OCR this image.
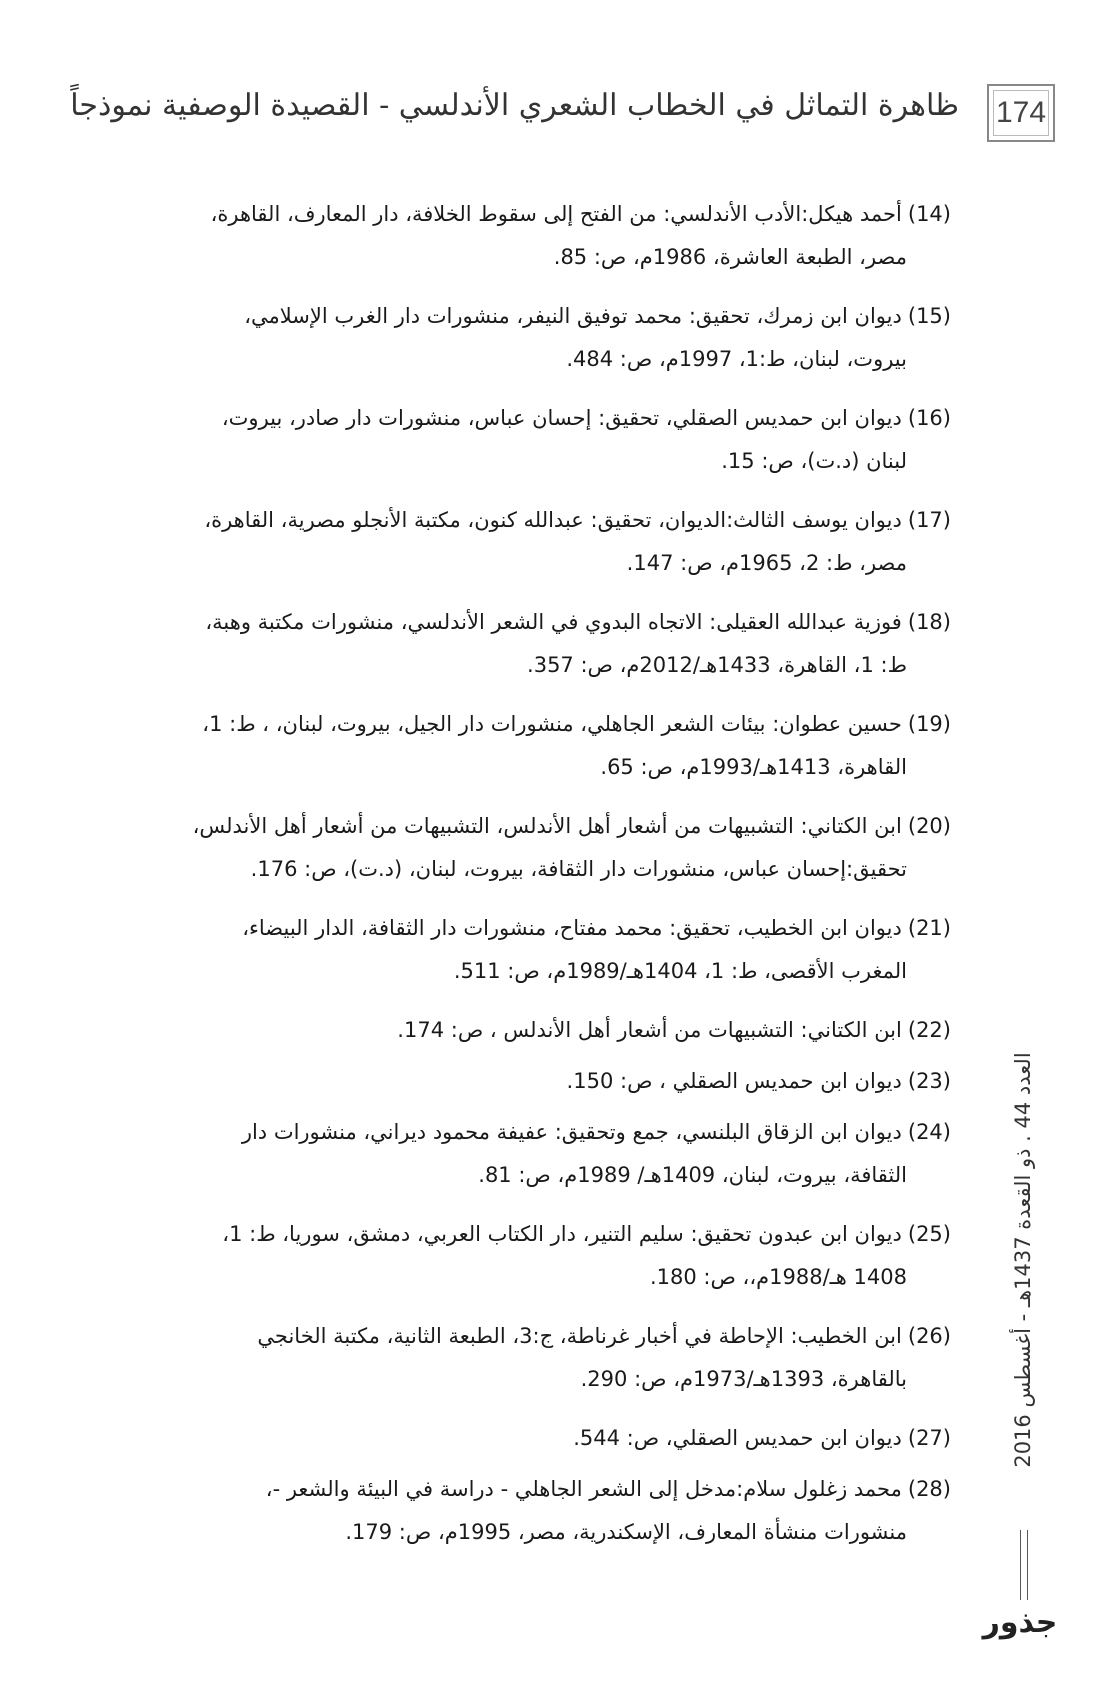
174
ظاهرة التماثل في الخطاب الشعري الأندلسي - القصيدة الوصفية نموذجاً

(14)أحمد هيكل:الأدب الأندلسي: من الفتح إلى سقوط الخلافة، دار المعارف، القاهرة،
مصر، الطبعة العاشرة، 1986م، ص: 85.

(15)ديوان ابن زمرك، تحقيق: محمد توفيق النيفر، منشورات دار الغرب الإسلامي،
بيروت، لبنان، ط:1، 1997م، ص: 484.

(16)ديوان ابن حمديس الصقلي، تحقيق: إحسان عباس، منشورات دار صادر، بيروت،
لبنان (د.ت)، ص: 15.

(17)ديوان يوسف الثالث:الديوان، تحقيق: عبدالله كنون، مكتبة الأنجلو مصرية، القاهرة،
مصر، ط: 2، 1965م، ص: 147.

(18)فوزية عبدالله العقيلى: الاتجاه البدوي في الشعر الأندلسي، منشورات مكتبة وهبة،
ط: 1، القاهرة، 1433هـ/2012م، ص: 357.

(19)حسين عطوان: بيئات الشعر الجاهلي، منشورات دار الجيل، بيروت، لبنان، ، ط: 1،
القاهرة، 1413هـ/1993م، ص: 65.

(20)ابن الكتاني: التشبيهات من أشعار أهل الأندلس، التشبيهات من أشعار أهل الأندلس،
تحقيق:إحسان عباس، منشورات دار الثقافة، بيروت، لبنان، (د.ت)، ص: 176.

(21)ديوان ابن الخطيب، تحقيق: محمد مفتاح، منشورات دار الثقافة، الدار البيضاء،
المغرب الأقصى، ط: 1، 1404هـ/1989م، ص: 511.

(22)ابن الكتاني: التشبيهات من أشعار أهل الأندلس ، ص: 174.

(23)ديوان ابن حمديس الصقلي ، ص: 150.

(24)ديوان ابن الزقاق البلنسي، جمع وتحقيق: عفيفة محمود ديراني، منشورات دار
الثقافة، بيروت، لبنان، 1409هـ/ 1989م، ص: 81.

(25)ديوان ابن عبدون تحقيق: سليم التنير، دار الكتاب العربي، دمشق، سوريا، ط: 1،
1408 هـ/1988م،، ص: 180.

(26)ابن الخطيب: الإحاطة في أخبار غرناطة، ج:3، الطبعة الثانية، مكتبة الخانجي
بالقاهرة، 1393هـ/1973م، ص: 290.

(27)ديوان ابن حمديس الصقلي، ص: 544.

(28)محمد زغلول سلام:مدخل إلى الشعر الجاهلي - دراسة في البيئة والشعر -،
منشورات منشأة المعارف، الإسكندرية، مصر، 1995م، ص: 179.

العدد 44 . ذو القعدة 1437هـ - أغسطس 2016
جذور
